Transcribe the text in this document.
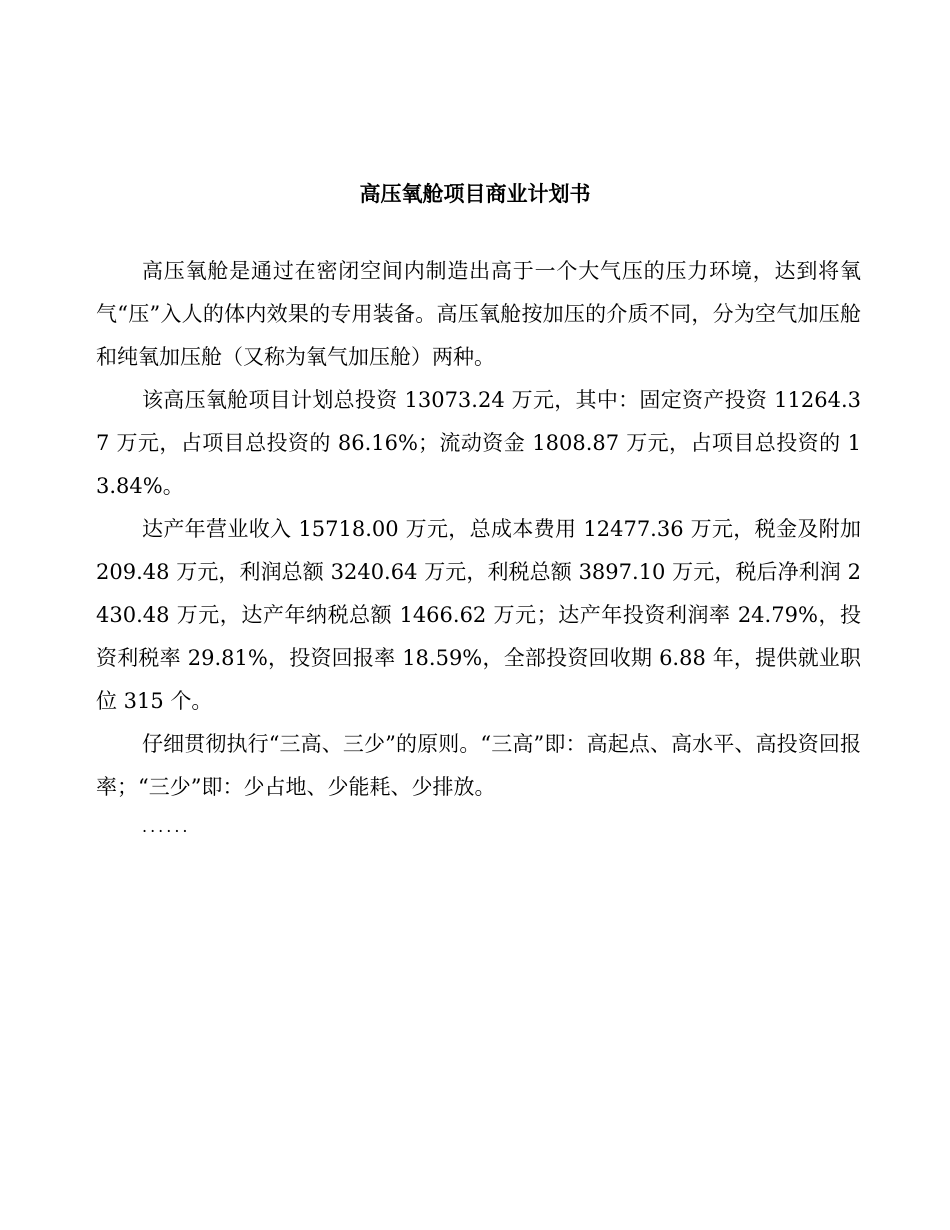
高压氧舱项目商业计划书

高压氧舱是通过在密闭空间内制造出高于一个大气压的压力环境，达到将氧气“压”入人的体内效果的专用装备。高压氧舱按加压的介质不同，分为空气加压舱和纯氧加压舱（又称为氧气加压舱）两种。

该高压氧舱项目计划总投资 13073.24 万元，其中：固定资产投资 11264.37 万元，占项目总投资的 86.16%；流动资金 1808.87 万元，占项目总投资的 13.84%。

达产年营业收入 15718.00 万元，总成本费用 12477.36 万元，税金及附加 209.48 万元，利润总额 3240.64 万元，利税总额 3897.10 万元，税后净利润 2430.48 万元，达产年纳税总额 1466.62 万元；达产年投资利润率 24.79%，投资利税率 29.81%，投资回报率 18.59%，全部投资回收期 6.88 年，提供就业职位 315 个。

仔细贯彻执行“三高、三少”的原则。“三高”即：高起点、高水平、高投资回报率；“三少”即：少占地、少能耗、少排放。

......
